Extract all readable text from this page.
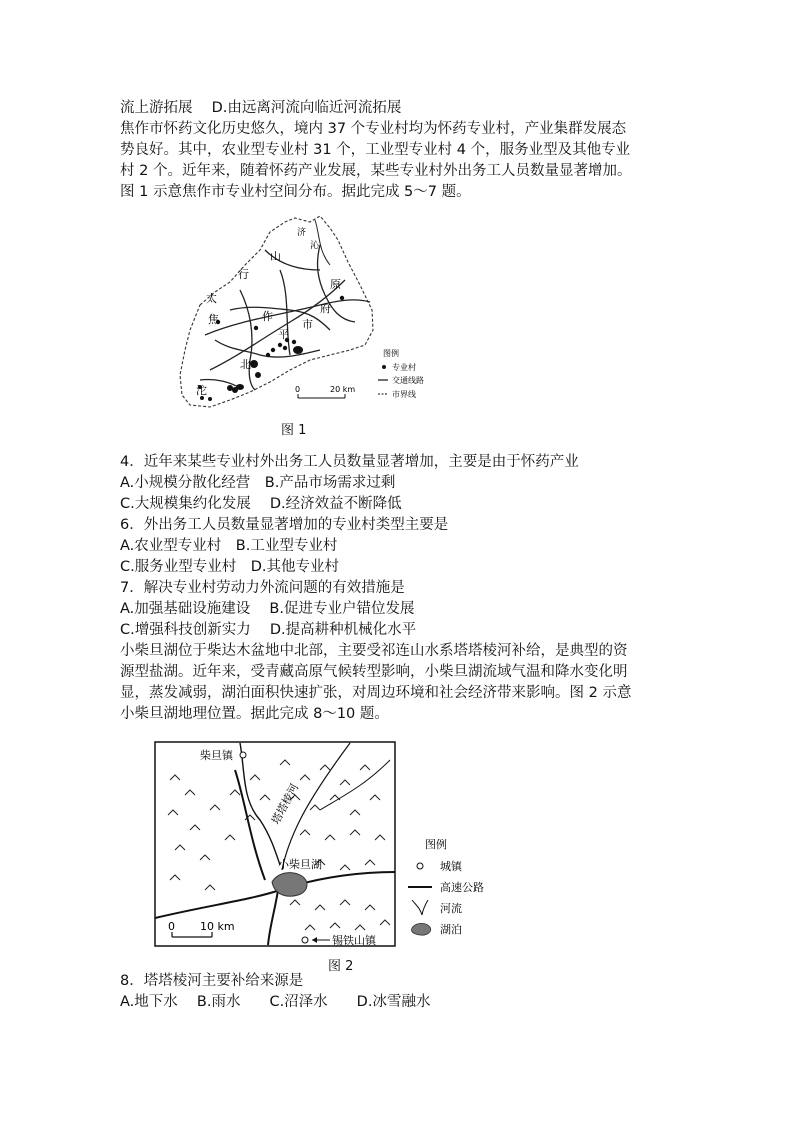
流上游拓展　 D.由远离河流向临近河流拓展
焦作市怀药文化历史悠久，境内 37 个专业村均为怀药专业村，产业集群发展态
势良好。其中，农业型专业村 31 个，工业型专业村 4 个，服务业型及其他专业
村 2 个。近年来，随着怀药产业发展，某些专业村外出务工人员数量显著增加。
图 1 示意焦作市专业村空间分布。据此完成 5～7 题。
太
行
山
沁
济
焦	作
市
府
原
平
北
沱
图例
专业村
交通线路
市界线
0	20 km
图 1
4．近年来某些专业村外出务工人员数量显著增加，主要是由于怀药产业
A.小规模分散化经营　B.产品市场需求过剩
C.大规模集约化发展　 D.经济效益不断降低
6．外出务工人员数量显著增加的专业村类型主要是
A.农业型专业村　B.工业型专业村
C.服务业型专业村　D.其他专业村
7．解决专业村劳动力外流问题的有效措施是
A.加强基础设施建设　 B.促进专业户错位发展
C.增强科技创新实力　 D.提高耕种机械化水平
小柴旦湖位于柴达木盆地中北部，主要受祁连山水系塔塔棱河补给，是典型的资
源型盐湖。近年来，受青藏高原气候转型影响，小柴旦湖流域气温和降水变化明
显，蒸发减弱，湖泊面积快速扩张，对周边环境和社会经济带来影响。图 2 示意
小柴旦湖地理位置。据此完成 8～10 题。
柴旦镇
塔塔棱河
小柴旦湖
锡铁山镇
0 10 km
图例
城镇
高速公路
河流
湖泊
图 2
8．塔塔棱河主要补给来源是
A.地下水　 B.雨水　　C.沼泽水　　D.冰雪融水
